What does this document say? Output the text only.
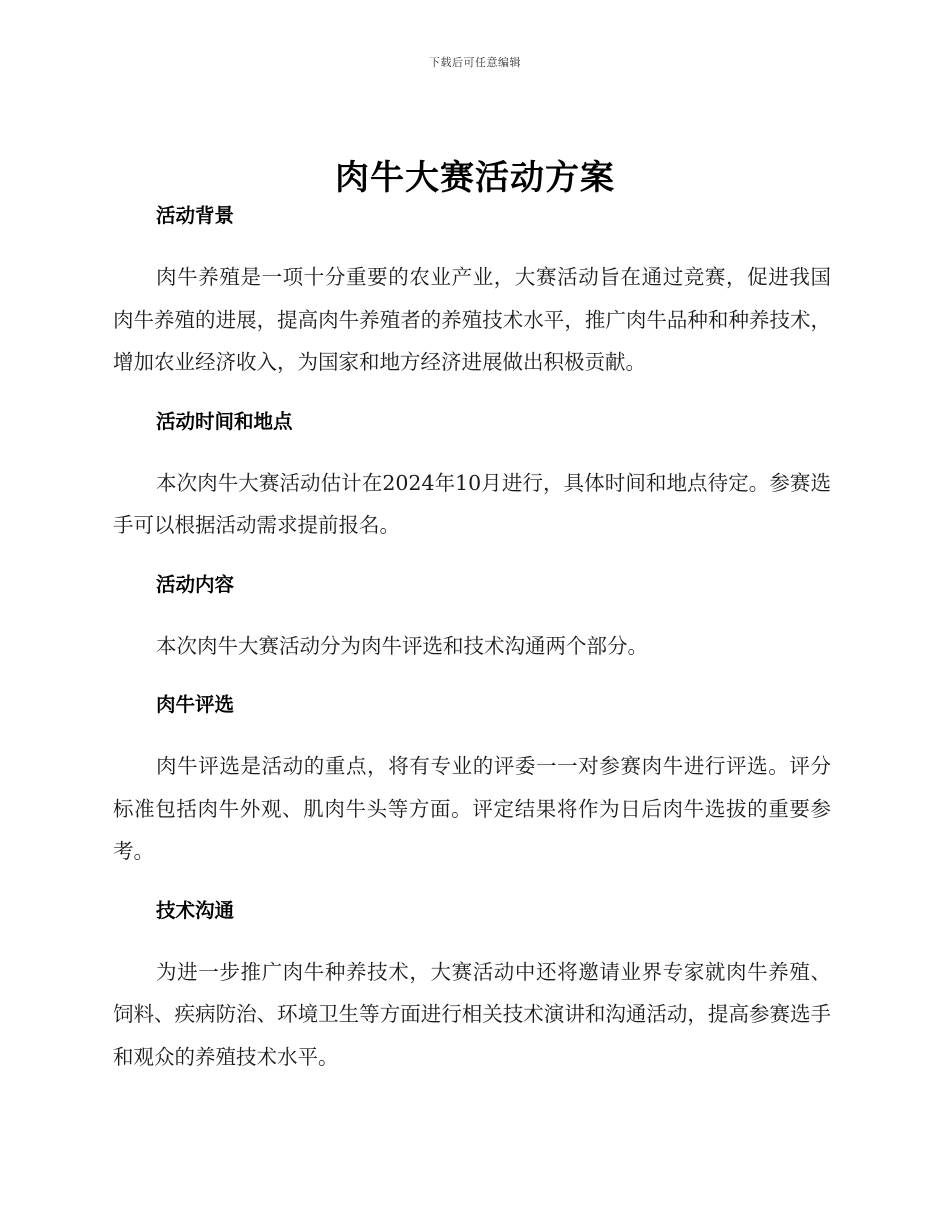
下载后可任意编辑
肉牛大赛活动方案
活动背景

肉牛养殖是一项十分重要的农业产业，大赛活动旨在通过竞赛，促进我国肉牛养殖的进展，提高肉牛养殖者的养殖技术水平，推广肉牛品种和种养技术，增加农业经济收入，为国家和地方经济进展做出积极贡献。

活动时间和地点

本次肉牛大赛活动估计在2024年10月进行，具体时间和地点待定。参赛选手可以根据活动需求提前报名。

活动内容

本次肉牛大赛活动分为肉牛评选和技术沟通两个部分。

肉牛评选

肉牛评选是活动的重点，将有专业的评委一一对参赛肉牛进行评选。评分标准包括肉牛外观、肌肉牛头等方面。评定结果将作为日后肉牛选拔的重要参考。

技术沟通

为进一步推广肉牛种养技术，大赛活动中还将邀请业界专家就肉牛养殖、饲料、疾病防治、环境卫生等方面进行相关技术演讲和沟通活动，提高参赛选手和观众的养殖技术水平。
